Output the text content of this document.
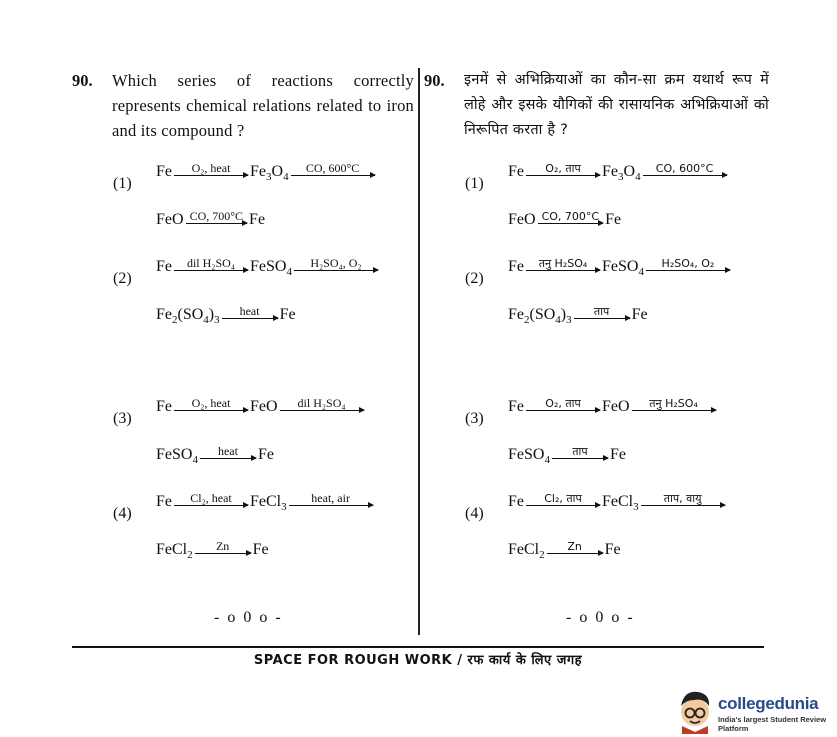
90. Which series of reactions correctly represents chemical relations related to iron and its compound ?
(1)
Fe	O₂, heat $Fe_3O_4$
CO, 600°C
FeO CO, 700°C Fe
(2)
Fe	dil H₂SO₄ FeSO$_4$
H₂SO₄, O₂
$Fe_2(SO_4)_3$
heat Fe
(3)
Fe	O₂, heat FeO	dil H₂SO₄
FeSO$_4$
heat Fe
(4)
Fe	Cl₂, heat FeCl$_3$
heat, air
FeCl$_2$
Zn Fe
- o 0 o -
90. इनमें से अभिक्रियाओं का कौन-सा क्रम यथार्थ रूप में लोहे और इसके यौगिकों की रासायनिक अभिक्रियाओं को निरूपित करता है ?
(1)
Fe	O₂, ताप $Fe_3O_4$
CO, 600°C
FeO CO, 700°C Fe
(2)
Fe	तनु H₂SO₄ FeSO$_4$
H₂SO₄, O₂
$Fe_2(SO_4)_3$
ताप Fe
(3)
Fe	O₂, ताप FeO	तनु H₂SO₄
FeSO$_4$
ताप Fe
(4)
Fe	Cl₂, ताप FeCl$_3$
ताप, वायु
FeCl$_2$
Zn Fe
- o 0 o -
SPACE FOR ROUGH WORK / रफ कार्य के लिए जगह
collegedunia
India's largest Student Review Platform
